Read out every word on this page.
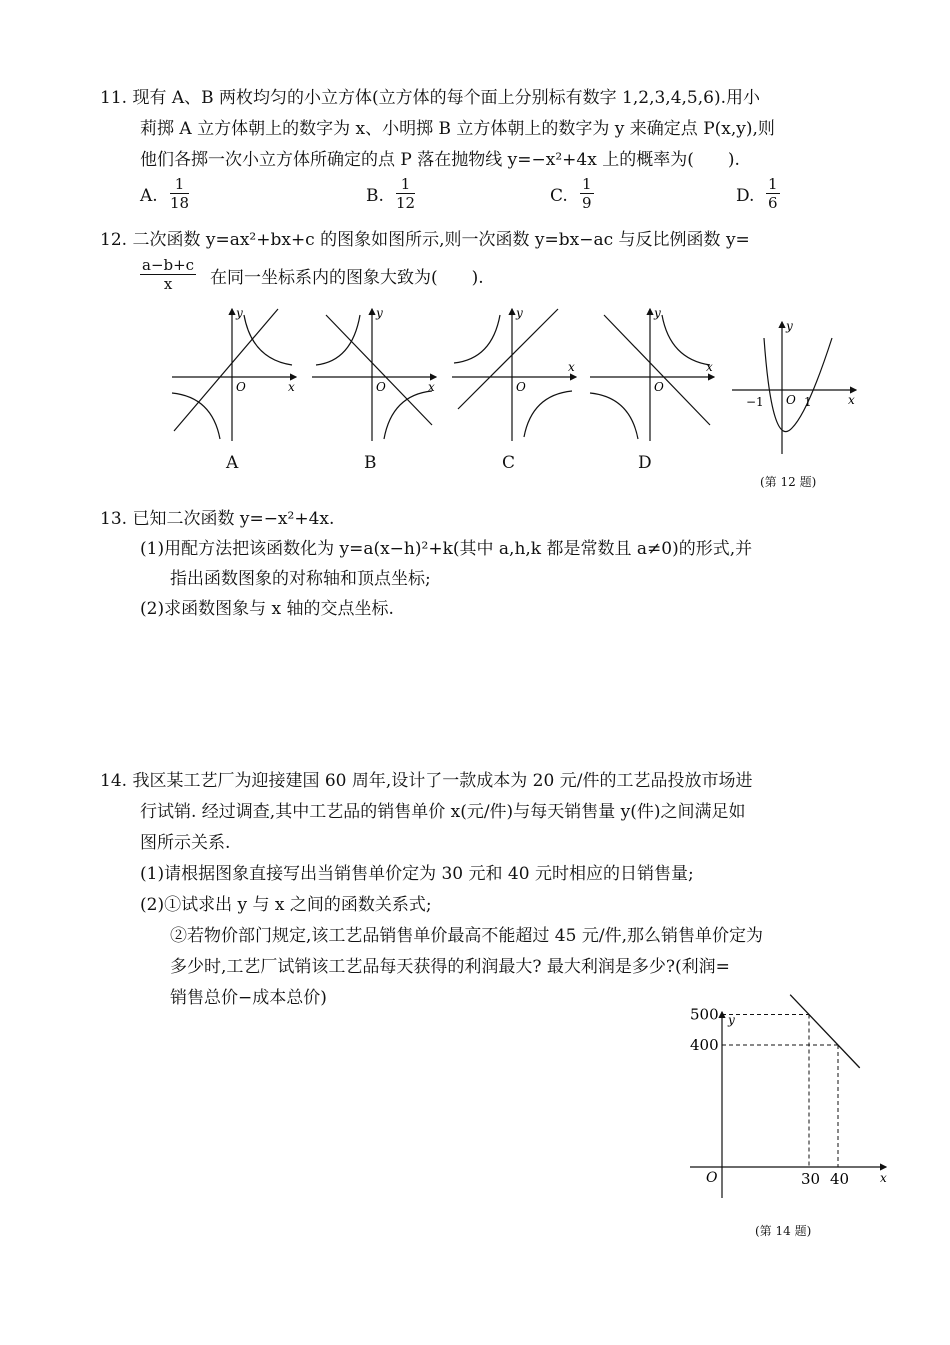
11. 现有 A、B 两枚均匀的小立方体(立方体的每个面上分别标有数字 1,2,3,4,5,6).用小
莉掷 A 立方体朝上的数字为 x、小明掷 B 立方体朝上的数字为 y 来确定点 P(x,y),则
他们各掷一次小立方体所确定的点 P 落在抛物线 y=−x²+4x 上的概率为(　　).
A. $\frac{1}{18}$	B. $\frac{1}{12}$	C. $\frac{1}{9}$	D. $\frac{1}{6}$
12. 二次函数 y=ax²+bx+c 的图象如图所示,则一次函数 y=bx−ac 与反比例函数 y=
$\frac{a-b+c}{x}$ 在同一坐标系内的图象大致为(　　).
y
x
O
A
y
x
O
B
y
x
O
C
y
x
O
D
y
x
O
−1	1
(第 12 题)
13. 已知二次函数 y=−x²+4x.
(1)用配方法把该函数化为 y=a(x−h)²+k(其中 a,h,k 都是常数且 a≠0)的形式,并
指出函数图象的对称轴和顶点坐标;
(2)求函数图象与 x 轴的交点坐标.
14. 我区某工艺厂为迎接建国 60 周年,设计了一款成本为 20 元/件的工艺品投放市场进
行试销. 经过调查,其中工艺品的销售单价 x(元/件)与每天销售量 y(件)之间满足如
图所示关系.
(1)请根据图象直接写出当销售单价定为 30 元和 40 元时相应的日销售量;
(2)①试求出 y 与 x 之间的函数关系式;
②若物价部门规定,该工艺品销售单价最高不能超过 45 元/件,那么销售单价定为
多少时,工艺厂试销该工艺品每天获得的利润最大? 最大利润是多少?(利润=
销售总价−成本总价)
30 40
500
400
y
x
O
(第 14 题)
